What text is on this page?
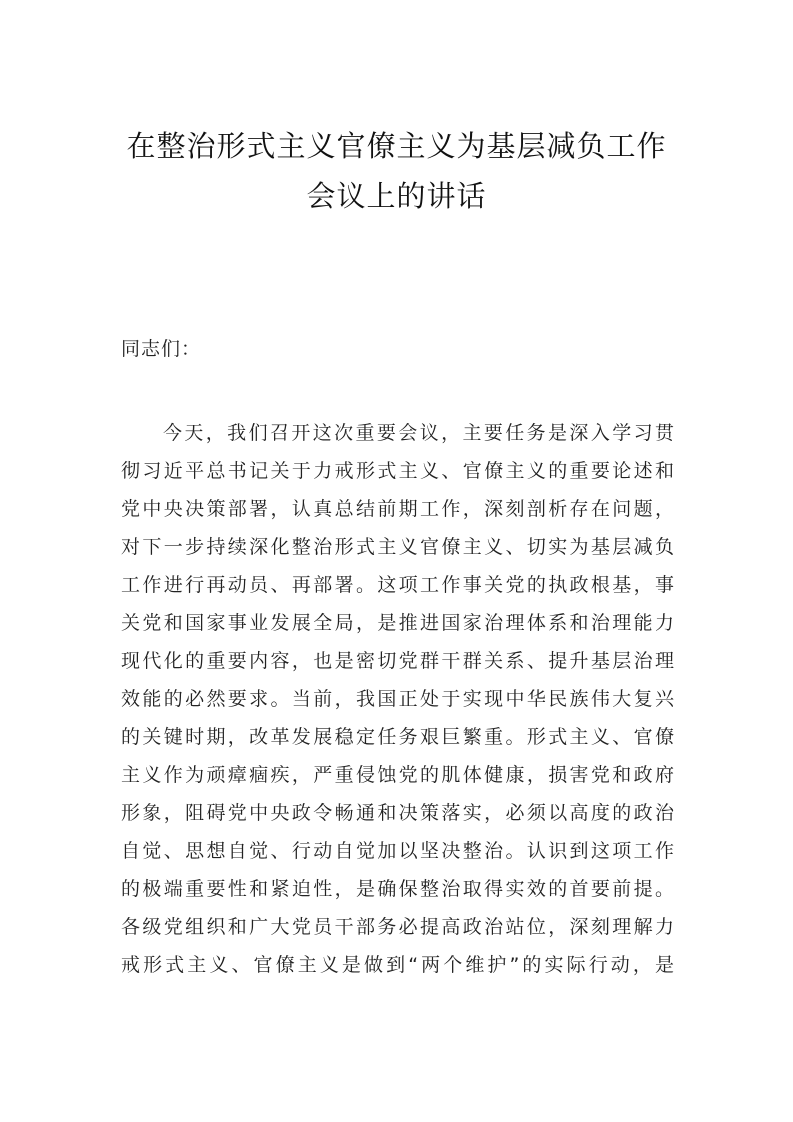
在整治形式主义官僚主义为基层减负工作
会议上的讲话
同志们：
今天，我们召开这次重要会议，主要任务是深入学习贯
彻习近平总书记关于力戒形式主义、官僚主义的重要论述和
党中央决策部署，认真总结前期工作，深刻剖析存在问题，
对下一步持续深化整治形式主义官僚主义、切实为基层减负
工作进行再动员、再部署。这项工作事关党的执政根基，事
关党和国家事业发展全局，是推进国家治理体系和治理能力
现代化的重要内容，也是密切党群干群关系、提升基层治理
效能的必然要求。当前，我国正处于实现中华民族伟大复兴
的关键时期，改革发展稳定任务艰巨繁重。形式主义、官僚
主义作为顽瘴痼疾，严重侵蚀党的肌体健康，损害党和政府
形象，阻碍党中央政令畅通和决策落实，必须以高度的政治
自觉、思想自觉、行动自觉加以坚决整治。认识到这项工作
的极端重要性和紧迫性，是确保整治取得实效的首要前提。
各级党组织和广大党员干部务必提高政治站位，深刻理解力
戒形式主义、官僚主义是做到“两个维护”的实际行动，是
